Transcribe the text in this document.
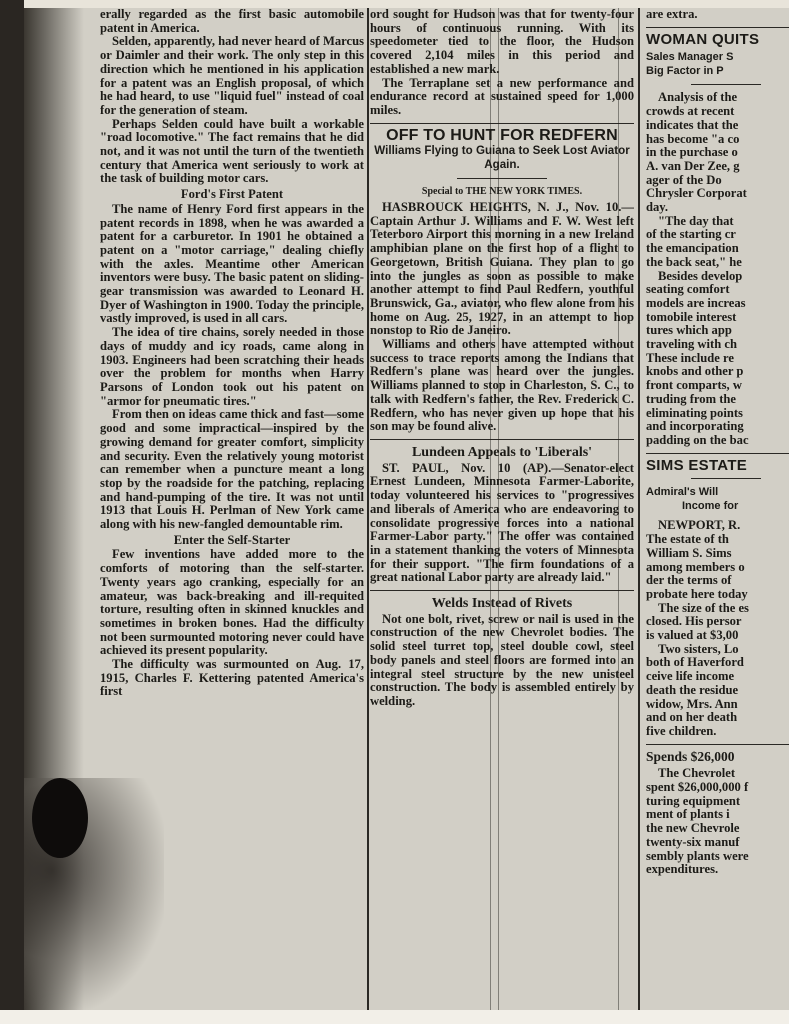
erally regarded as the first basic automobile patent in America.

Selden, apparently, had never heard of Marcus or Daimler and their work. The only step in this direction which he mentioned in his application for a patent was an English proposal, of which he had heard, to use "liquid fuel" instead of coal for the generation of steam.

Perhaps Selden could have built a workable "road locomotive." The fact remains that he did not, and it was not until the turn of the twentieth century that America went seriously to work at the task of building motor cars.

Ford's First Patent

The name of Henry Ford first appears in the patent records in 1898, when he was awarded a patent for a carburetor. In 1901 he obtained a patent on a "motor carriage," dealing chiefly with the axles. Meantime other American inventors were busy. The basic patent on sliding-gear transmission was awarded to Leonard H. Dyer of Washington in 1900. Today the principle, vastly improved, is used in all cars.

The idea of tire chains, sorely needed in those days of muddy and icy roads, came along in 1903. Engineers had been scratching their heads over the problem for months when Harry Parsons of London took out his patent on "armor for pneumatic tires."

From then on ideas came thick and fast—some good and some impractical—inspired by the growing demand for greater comfort, simplicity and security. Even the relatively young motorist can remember when a puncture meant a long stop by the roadside for the patching, replacing and hand-pumping of the tire. It was not until 1913 that Louis H. Perlman of New York came along with his new-fangled demountable rim.

Enter the Self-Starter

Few inventions have added more to the comforts of motoring than the self-starter. Twenty years ago cranking, especially for an amateur, was back-breaking and ill-requited torture, resulting often in skinned knuckles and sometimes in broken bones. Had the difficulty not been surmounted motoring never could have achieved its present popularity.

The difficulty was surmounted on Aug. 17, 1915, Charles F. Kettering patented America's first

ord sought for Hudson was that for twenty-four hours of continuous running. With its speedometer tied to the floor, the Hudson covered 2,104 miles in this period and established a new mark.

The Terraplane set a new performance and endurance record at sustained speed for 1,000 miles.

OFF TO HUNT FOR REDFERN
Williams Flying to Guiana to Seek Lost Aviator Again.
Special to THE NEW YORK TIMES.

HASBROUCK HEIGHTS, N. J., Nov. 10.—Captain Arthur J. Williams and F. W. West left Teterboro Airport this morning in a new Ireland amphibian plane on the first hop of a flight to Georgetown, British Guiana. They plan to go into the jungles as soon as possible to make another attempt to find Paul Redfern, youthful Brunswick, Ga., aviator, who flew alone from his home on Aug. 25, 1927, in an attempt to hop nonstop to Rio de Janeiro.

Williams and others have attempted without success to trace reports among the Indians that Redfern's plane was heard over the jungles. Williams planned to stop in Charleston, S. C., to talk with Redfern's father, the Rev. Frederick C. Redfern, who has never given up hope that his son may be found alive.

Lundeen Appeals to 'Liberals'

ST. PAUL, Nov. 10 (AP).—Senator-elect Ernest Lundeen, Minnesota Farmer-Laborite, today volunteered his services to "progressives and liberals of America who are endeavoring to consolidate progressive forces into a national Farmer-Labor party." The offer was contained in a statement thanking the voters of Minnesota for their support. "The firm foundations of a great national Labor party are already laid."

Welds Instead of Rivets

Not one bolt, rivet, screw or nail is used in the construction of the new Chevrolet bodies. The solid steel turret top, steel double cowl, steel body panels and steel floors are formed into an integral steel structure by the new unisteel construction. The body is assembled entirely by welding.

are extra.

WOMAN QUITS
Sales Manager S
Big Factor in P
Analysis of the
crowds at recent
indicates that the
has become "a co
in the purchase o
A. van Der Zee, g
ager of the Do
Chrysler Corporat
day.
"The day that
of the starting cr
the emancipation
the back seat," he
Besides develop
seating comfort
models are increas
tomobile interest
tures which app
traveling with ch
These include re
knobs and other p
front comparts, w
truding from the
eliminating points
and incorporating
padding on the bac
SIMS ESTATE
Admiral's Will
Income for
NEWPORT, R.
The estate of th
William S. Sims
among members o
der the terms of
probate here today
The size of the es
closed. His persor
is valued at $3,00
Two sisters, Lo
both of Haverford
ceive life income
death the residue
widow, Mrs. Ann
and on her death
five children.
Spends $26,000
The Chevrolet
spent $26,000,000 f
turing equipment
ment of plants i
the new Chevrole
twenty-six manuf
sembly plants were
expenditures.
